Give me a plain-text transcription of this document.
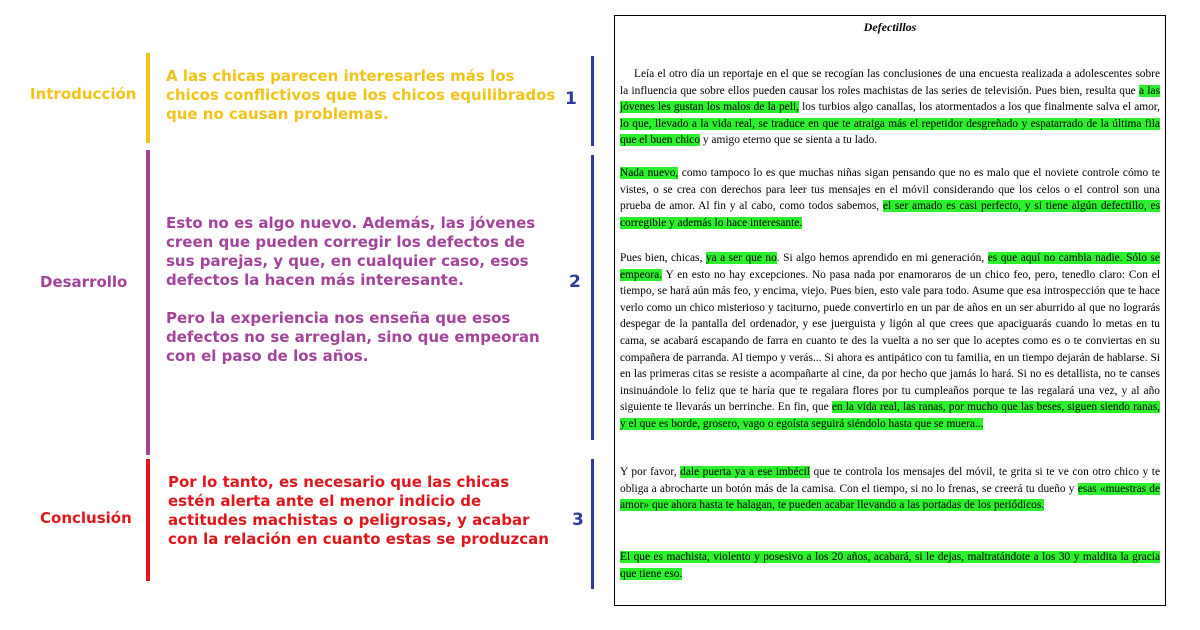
Introducción

A las chicas parecen interesarles más los chicos conflictivos que los chicos equilibrados que no causan problemas.

Desarrollo

Esto no es algo nuevo. Además, las jóvenes creen que pueden corregir los defectos de sus parejas, y que, en cualquier caso, esos defectos la hacen más interesante.

Pero la experiencia nos enseña que esos defectos no se arreglan, sino que empeoran con el paso de los años.

Conclusión

Por lo tanto, es necesario que las chicas estén alerta ante el menor indicio de actitudes machistas o peligrosas, y acabar con la relación en cuanto estas se produzcan

1
2
3
Defectillos
Leía el otro día un reportaje en el que se recogían las conclusiones de una encuesta realizada a adolescentes sobre la influencia que sobre ellos pueden causar los roles machistas de las series de televisión. Pues bien, resulta que a las jóvenes les gustan los malos de la peli, los turbios algo canallas, los atormentados a los que finalmente salva el amor, lo que, llevado a la vida real, se traduce en que te atraiga más el repetidor desgreñado y espatarrado de la última fila que el buen chico y amigo eterno que se sienta a tu lado.
Nada nuevo, como tampoco lo es que muchas niñas sigan pensando que no es malo que el noviete controle cómo te vistes, o se crea con derechos para leer tus mensajes en el móvil considerando que los celos o el control son una prueba de amor. Al fin y al cabo, como todos sabemos, el ser amado es casi perfecto, y si tiene algún defectillo, es corregible y además lo hace interesante.
Pues bien, chicas, ya a ser que no. Si algo hemos aprendido en mi generación, es que aquí no cambia nadie. Sólo se empeora. Y en esto no hay excepciones. No pasa nada por enamoraros de un chico feo, pero, tenedlo claro: Con el tiempo, se hará aún más feo, y encima, viejo. Pues bien, esto vale para todo. Asume que esa introspección que te hace verlo como un chico misterioso y taciturno, puede convertirlo en un par de años en un ser aburrido al que no lograrás despegar de la pantalla del ordenador, y ese juerguista y ligón al que crees que apaciguarás cuando lo metas en tu cama, se acabará escapando de farra en cuanto te des la vuelta a no ser que lo aceptes como es o te conviertas en su compañera de parranda. Al tiempo y verás... Si ahora es antipático con tu familia, en un tiempo dejarán de hablarse. Si en las primeras citas se resiste a acompañarte al cine, da por hecho que jamás lo hará. Si no es detallista, no te canses insinuándole lo feliz que te haría que te regalara flores por tu cumpleaños porque te las regalará una vez, y al año siguiente te llevarás un berrinche. En fin, que en la vida real, las ranas, por mucho que las beses, siguen siendo ranas, y el que es borde, grosero, vago o egoísta seguirá siéndolo hasta que se muera...
Y por favor, dale puerta ya a ese imbécil que te controla los mensajes del móvil, te grita si te ve con otro chico y te obliga a abrocharte un botón más de la camisa. Con el tiempo, si no lo frenas, se creerá tu dueño y esas «muestras de amor» que ahora hasta te halagan, te pueden acabar llevando a las portadas de los periódicos.
El que es machista, violento y posesivo a los 20 años, acabará, si le dejas, maltratándote a los 30 y maldita la gracia que tiene eso.
